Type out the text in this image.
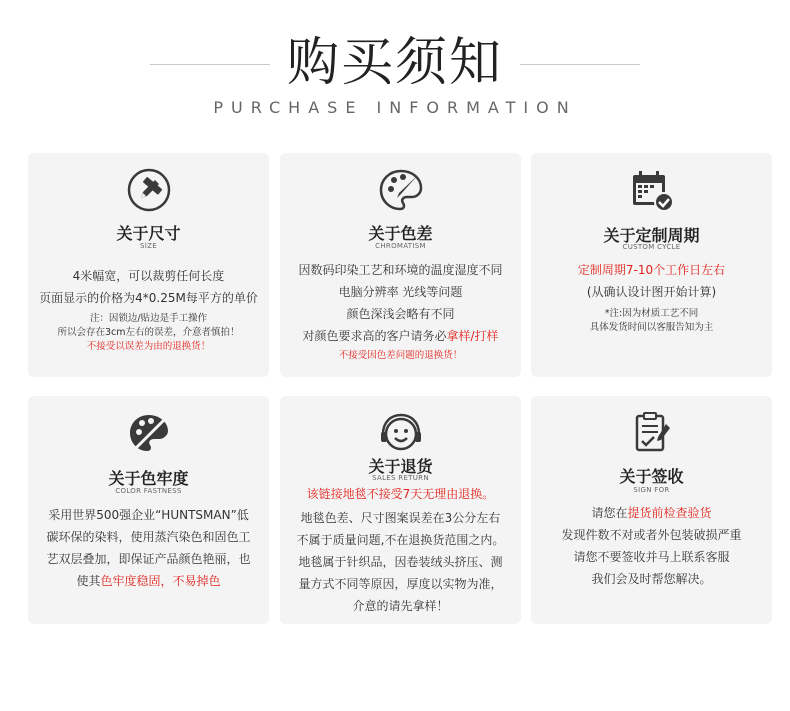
购买须知
PURCHASE INFORMATION
关于尺寸
SIZE
4米幅宽，可以裁剪任何长度
页面显示的价格为4*0.25M每平方的单价
注：因锁边/贴边是手工操作
所以会存在3cm左右的误差，介意者慎拍！
不接受以误差为由的退换货！
关于色差
CHROMATISM
因数码印染工艺和环境的温度湿度不同
电脑分辨率 光线等问题
颜色深浅会略有不同
对颜色要求高的客户请务必拿样/打样
不接受因色差问题的退换货！
关于定制周期
CUSTOM CYCLE
定制周期7-10个工作日左右
(从确认设计图开始计算)
*注:因为材质工艺不同
具体发货时间以客服告知为主
关于色牢度
COLOR FASTNESS
采用世界500强企业“HUNTSMAN”低
碳环保的染料，使用蒸汽染色和固色工
艺双层叠加，即保证产品颜色艳丽，也
使其色牢度稳固，不易掉色
关于退货
SALES RETURN
该链接地毯不接受7天无理由退换。
地毯色差、尺寸图案误差在3公分左右
不属于质量问题,不在退换货范围之内。
地毯属于针织品，因卷装绒头挤压、测
量方式不同等原因，厚度以实物为准，
介意的请先拿样！
关于签收
SIGN FOR
请您在提货前检查验货
发现件数不对或者外包装破损严重
请您不要签收并马上联系客服
我们会及时帮您解决。
